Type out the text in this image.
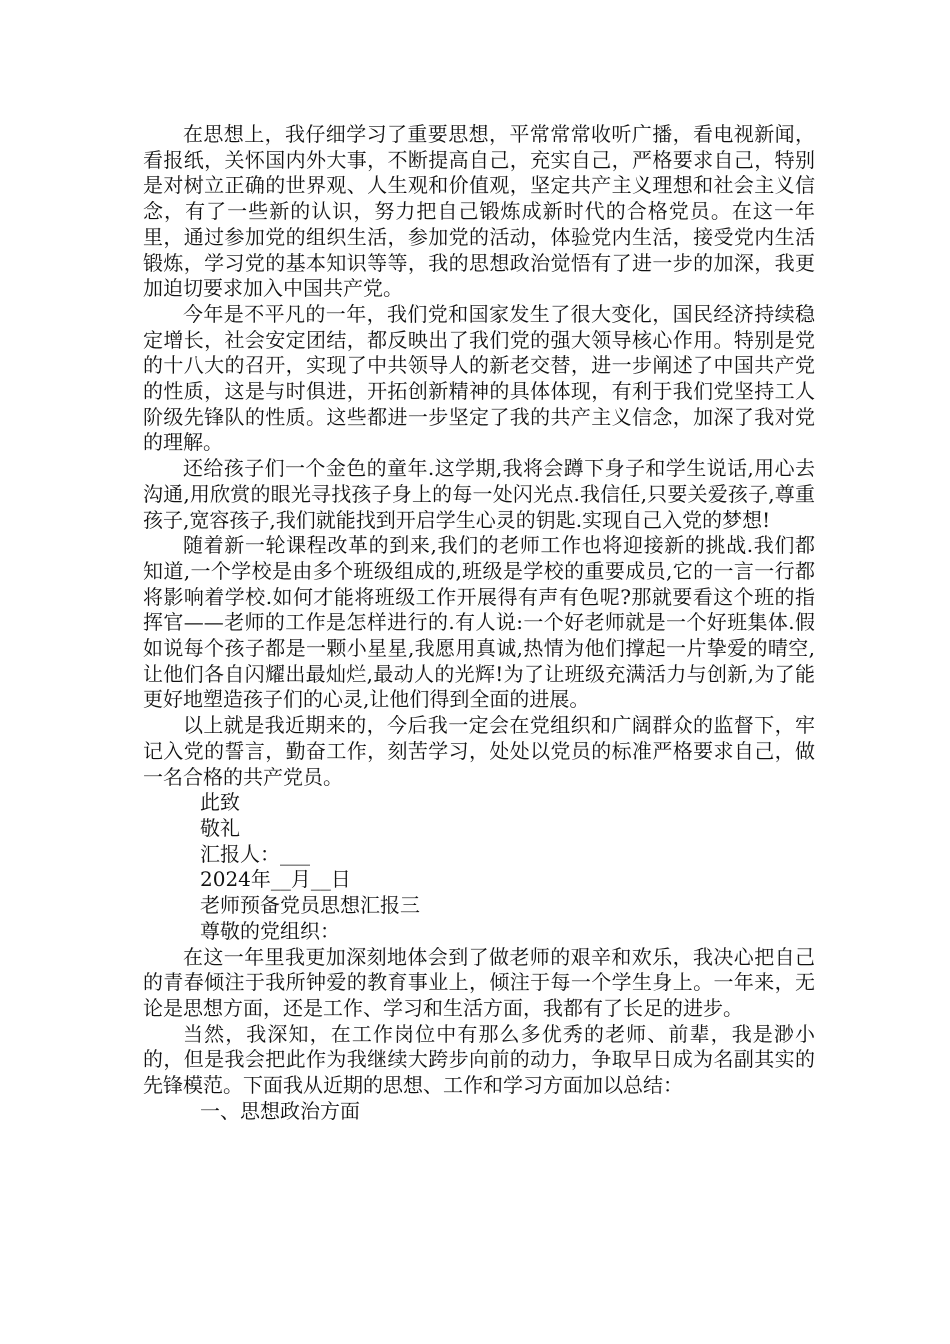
在思想上，我仔细学习了重要思想，平常常常收听广播，看电视新闻，看报纸，关怀国内外大事，不断提高自己，充实自己，严格要求自己，特别是对树立正确的世界观、人生观和价值观，坚定共产主义理想和社会主义信念，有了一些新的认识，努力把自己锻炼成新时代的合格党员。在这一年里，通过参加党的组织生活，参加党的活动，体验党内生活，接受党内生活锻炼，学习党的基本知识等等，我的思想政治觉悟有了进一步的加深，我更加迫切要求加入中国共产党。

今年是不平凡的一年，我们党和国家发生了很大变化，国民经济持续稳定增长，社会安定团结，都反映出了我们党的强大领导核心作用。特别是党的十八大的召开，实现了中共领导人的新老交替，进一步阐述了中国共产党的性质，这是与时俱进，开拓创新精神的具体体现，有利于我们党坚持工人阶级先锋队的性质。这些都进一步坚定了我的共产主义信念，加深了我对党的理解。

还给孩子们一个金色的童年.这学期,我将会蹲下身子和学生说话,用心去沟通,用欣赏的眼光寻找孩子身上的每一处闪光点.我信任,只要关爱孩子,尊重孩子,宽容孩子,我们就能找到开启学生心灵的钥匙.实现自己入党的梦想!

随着新一轮课程改革的到来,我们的老师工作也将迎接新的挑战.我们都知道,一个学校是由多个班级组成的,班级是学校的重要成员,它的一言一行都将影响着学校.如何才能将班级工作开展得有声有色呢?那就要看这个班的指挥官——老师的工作是怎样进行的.有人说:一个好老师就是一个好班集体.假如说每个孩子都是一颗小星星,我愿用真诚,热情为他们撑起一片挚爱的晴空,让他们各自闪耀出最灿烂,最动人的光辉!为了让班级充满活力与创新,为了能更好地塑造孩子们的心灵,让他们得到全面的进展。

以上就是我近期来的，今后我一定会在党组织和广阔群众的监督下，牢记入党的誓言，勤奋工作，刻苦学习，处处以党员的标准严格要求自己，做一名合格的共产党员。

此致

敬礼

汇报人：___

2024年__月__日

老师预备党员思想汇报三

尊敬的党组织：

在这一年里我更加深刻地体会到了做老师的艰辛和欢乐，我决心把自己的青春倾注于我所钟爱的教育事业上，倾注于每一个学生身上。一年来，无论是思想方面，还是工作、学习和生活方面，我都有了长足的进步。

当然，我深知，在工作岗位中有那么多优秀的老师、前辈，我是渺小的，但是我会把此作为我继续大跨步向前的动力，争取早日成为名副其实的先锋模范。下面我从近期的思想、工作和学习方面加以总结：

一、思想政治方面
